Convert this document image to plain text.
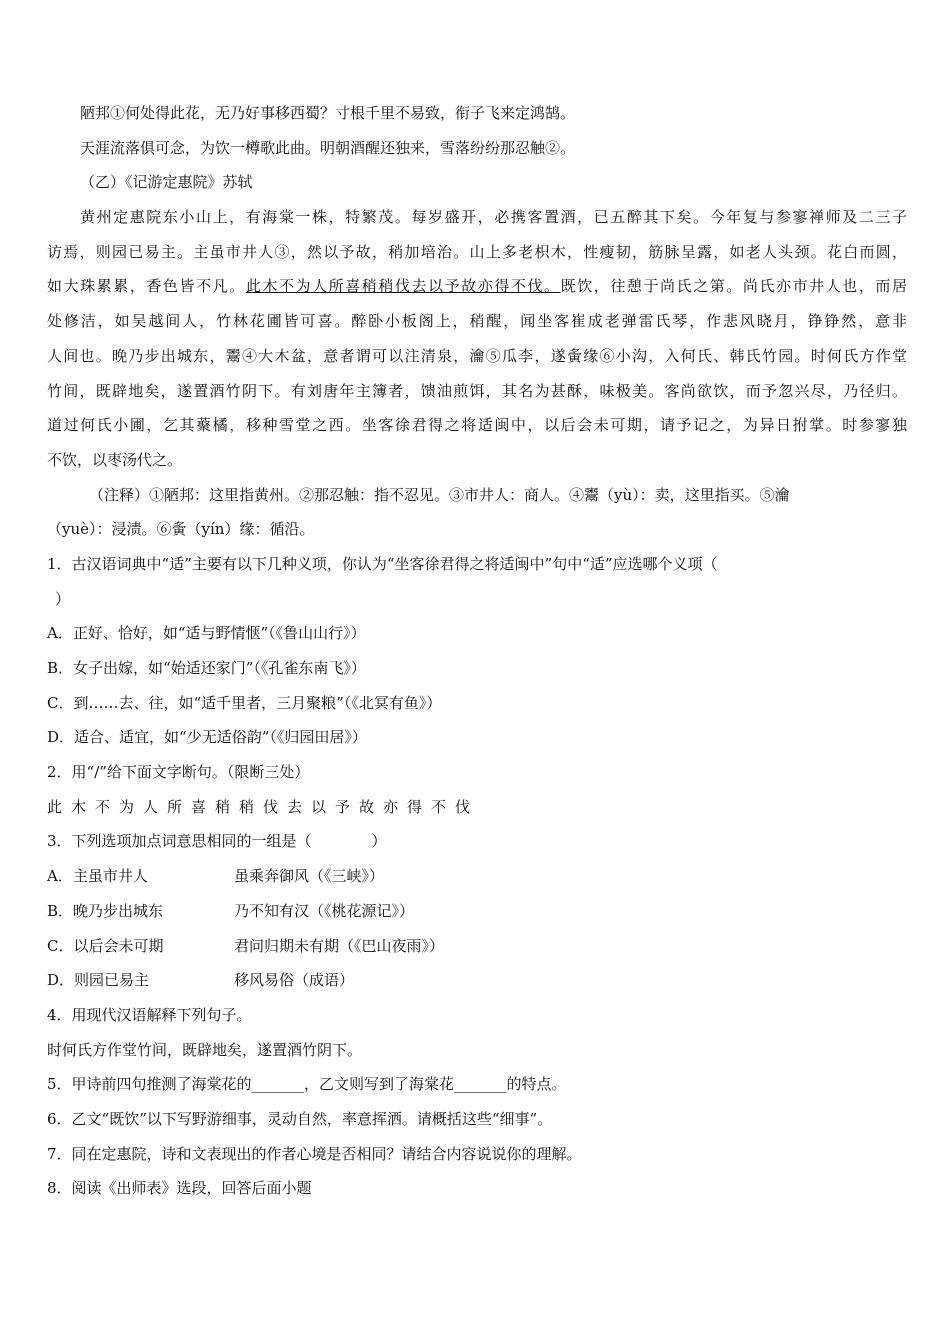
陋邦①何处得此花，无乃好事移西蜀？寸根千里不易致，衔子飞来定鸿鹄。
天涯流落俱可念，为饮一樽歌此曲。明朝酒醒还独来，雪落纷纷那忍触②。
（乙）《记游定惠院》苏轼
黄州定惠院东小山上，有海棠一株，特繁茂。每岁盛开，必携客置酒，已五醉其下矣。今年复与参寥禅师及二三子
访焉，则园已易主。主虽市井人③，然以予故，稍加培治。山上多老枳木，性瘦韧，筋脉呈露，如老人头颈。花白而圆，
如大珠累累，香色皆不凡。此木不为人所喜稍稍伐去以予故亦得不伐。既饮，往憩于尚氏之第。尚氏亦市井人也，而居
处修洁，如吴越间人，竹林花圃皆可喜。醉卧小板阁上，稍醒，闻坐客崔成老弹雷氏琴，作悲风晓月，铮铮然，意非
人间也。晚乃步出城东，鬻④大木盆，意者谓可以注清泉，瀹⑤瓜李，遂夤缘⑥小沟，入何氏、韩氏竹园。时何氏方作堂
竹间，既辟地矣，遂置酒竹阴下。有刘唐年主簿者，馈油煎饵，其名为甚酥，味极美。客尚欲饮，而予忽兴尽，乃径归。
道过何氏小圃，乞其藂橘，移种雪堂之西。坐客徐君得之将适闽中，以后会未可期，请予记之，为异日拊掌。时参寥独
不饮，以枣汤代之。
（注释）①陋邦：这里指黄州。②那忍触：指不忍见。③市井人：商人。④鬻（yù）：卖，这里指买。⑤瀹
（yuè）：浸渍。⑥夤（yín）缘：循沿。
1．古汉语词典中“适”主要有以下几种义项，你认为“坐客徐君得之将适闽中”句中“适”应选哪个义项（
）
A．正好、恰好，如“适与野情惬”（《鲁山山行》）
B．女子出嫁，如“始适还家门”（《孔雀东南飞》）
C．到……去、往，如“适千里者，三月聚粮”（《北冥有鱼》）
D．适合、适宜，如“少无适俗韵”（《归园田居》）
2．用“/”给下面文字断句。（限断三处）
此木不为人所喜稍稍伐去以予故亦得不伐
3．下列选项加点词意思相同的一组是（　　　　）
A．主虽市井人	虽乘奔御风（《三峡》）
B．晚乃步出城东	乃不知有汉（《桃花源记》）
C．以后会未可期	君问归期未有期（《巴山夜雨》）
D．则园已易主	移风易俗（成语）
4．用现代汉语解释下列句子。
时何氏方作堂竹间，既辟地矣，遂置酒竹阴下。
5．甲诗前四句推测了海棠花的_______，乙文则写到了海棠花_______的特点。
6．乙文“既饮”以下写野游细事，灵动自然，率意挥洒。请概括这些“细事”。
7．同在定惠院，诗和文表现出的作者心境是否相同？请结合内容说说你的理解。
8．阅读《出师表》选段，回答后面小题
